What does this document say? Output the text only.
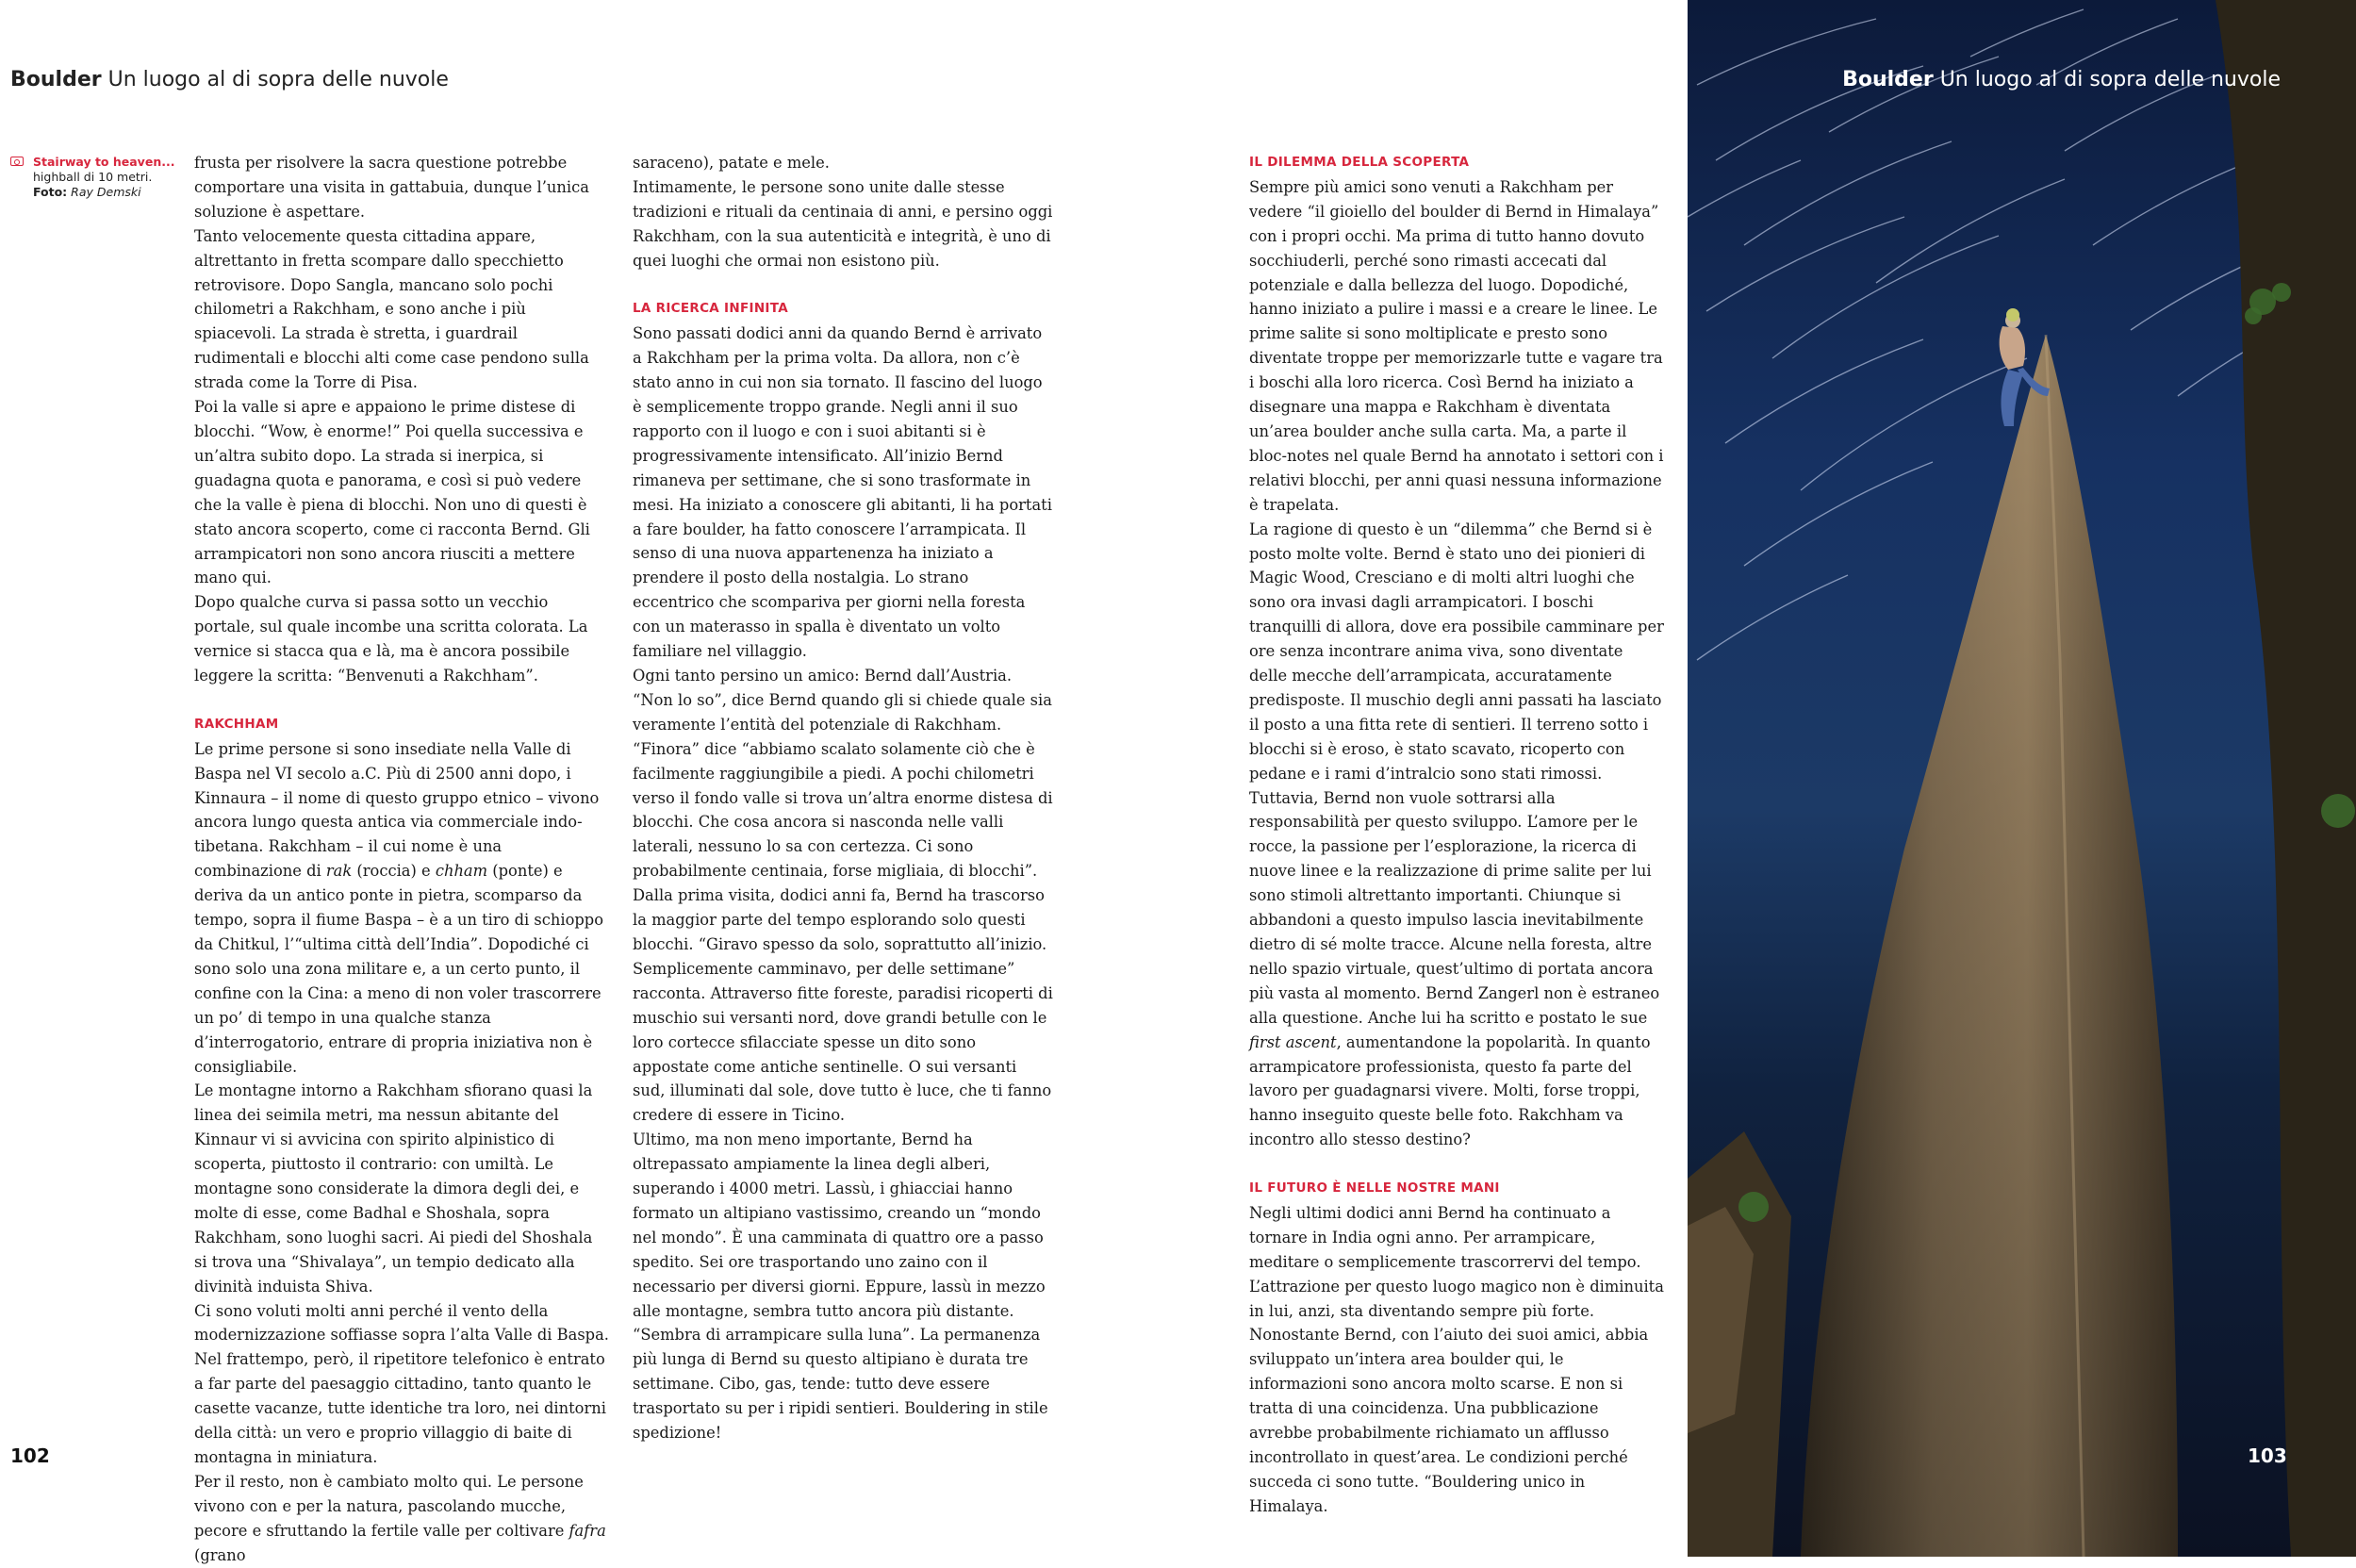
Boulder Un luogo al di sopra delle nuvole
Stairway to heaven...
highball di 10 metri.
Foto: Ray Demski

frusta per risolvere la sacra questione potrebbe comportare una visita in gattabuia, dunque l’unica soluzione è aspettare.

Tanto velocemente questa cittadina appare, altrettanto in fretta scompare dallo specchietto retrovisore. Dopo Sangla, mancano solo pochi chilometri a Rakchham, e sono anche i più spiacevoli. La strada è stretta, i guardrail rudimentali e blocchi alti come case pendono sulla strada come la Torre di Pisa.

Poi la valle si apre e appaiono le prime distese di blocchi. “Wow, è enorme!” Poi quella successiva e un’altra subito dopo. La strada si inerpica, si guadagna quota e panorama, e così si può vedere che la valle è piena di blocchi. Non uno di questi è stato ancora scoperto, come ci racconta Bernd. Gli arrampicatori non sono ancora riusciti a mettere mano qui.

Dopo qualche curva si passa sotto un vecchio portale, sul quale incombe una scritta colorata. La vernice si stacca qua e là, ma è ancora possibile leggere la scritta: “Benvenuti a Rakchham”.

RAKCHHAM

Le prime persone si sono insediate nella Valle di Baspa nel VI secolo a.C. Più di 2500 anni dopo, i Kinnaura – il nome di questo gruppo etnico – vivono ancora lungo questa antica via commerciale indo-tibetana. Rakchham – il cui nome è una combinazione di rak (roccia) e chham (ponte) e deriva da un antico ponte in pietra, scomparso da tempo, sopra il fiume Baspa – è a un tiro di schioppo da Chitkul, l’“ultima città dell’India”. Dopodiché ci sono solo una zona militare e, a un certo punto, il confine con la Cina: a meno di non voler trascorrere un po’ di tempo in una qualche stanza d’interrogatorio, entrare di propria iniziativa non è consigliabile.

Le montagne intorno a Rakchham sfiorano quasi la linea dei seimila metri, ma nessun abitante del Kinnaur vi si avvicina con spirito alpinistico di scoperta, piuttosto il contrario: con umiltà. Le montagne sono considerate la dimora degli dei, e molte di esse, come Badhal e Shoshala, sopra Rakchham, sono luoghi sacri. Ai piedi del Shoshala si trova una “Shivalaya”, un tempio dedicato alla divinità induista Shiva.

Ci sono voluti molti anni perché il vento della modernizzazione soffiasse sopra l’alta Valle di Baspa. Nel frattempo, però, il ripetitore telefonico è entrato a far parte del paesaggio cittadino, tanto quanto le casette vacanze, tutte identiche tra loro, nei dintorni della città: un vero e proprio villaggio di baite di montagna in miniatura.

Per il resto, non è cambiato molto qui. Le persone vivono con e per la natura, pascolando mucche, pecore e sfruttando la fertile valle per coltivare fafra (grano

saraceno), patate e mele.

Intimamente, le persone sono unite dalle stesse tradizioni e rituali da centinaia di anni, e persino oggi Rakchham, con la sua autenticità e integrità, è uno di quei luoghi che ormai non esistono più.

LA RICERCA INFINITA

Sono passati dodici anni da quando Bernd è arrivato a Rakchham per la prima volta. Da allora, non c’è stato anno in cui non sia tornato. Il fascino del luogo è semplicemente troppo grande. Negli anni il suo rapporto con il luogo e con i suoi abitanti si è progressivamente intensificato. All’inizio Bernd rimaneva per settimane, che si sono trasformate in mesi. Ha iniziato a conoscere gli abitanti, li ha portati a fare boulder, ha fatto conoscere l’arrampicata. Il senso di una nuova appartenenza ha iniziato a prendere il posto della nostalgia. Lo strano eccentrico che scompariva per giorni nella foresta con un materasso in spalla è diventato un volto familiare nel villaggio.

Ogni tanto persino un amico: Bernd dall’Austria.

“Non lo so”, dice Bernd quando gli si chiede quale sia veramente l’entità del potenziale di Rakchham. “Finora” dice “abbiamo scalato solamente ciò che è facilmente raggiungibile a piedi. A pochi chilometri verso il fondo valle si trova un’altra enorme distesa di blocchi. Che cosa ancora si nasconda nelle valli laterali, nessuno lo sa con certezza. Ci sono probabilmente centinaia, forse migliaia, di blocchi”.

Dalla prima visita, dodici anni fa, Bernd ha trascorso la maggior parte del tempo esplorando solo questi blocchi. “Giravo spesso da solo, soprattutto all’inizio. Semplicemente camminavo, per delle settimane” racconta. Attraverso fitte foreste, paradisi ricoperti di muschio sui versanti nord, dove grandi betulle con le loro cortecce sfilacciate spesse un dito sono appostate come antiche sentinelle. O sui versanti sud, illuminati dal sole, dove tutto è luce, che ti fanno credere di essere in Ticino.

Ultimo, ma non meno importante, Bernd ha oltrepassato ampiamente la linea degli alberi, superando i 4000 metri. Lassù, i ghiacciai hanno formato un altipiano vastissimo, creando un “mondo nel mondo”. È una camminata di quattro ore a passo spedito. Sei ore trasportando uno zaino con il necessario per diversi giorni. Eppure, lassù in mezzo alle montagne, sembra tutto ancora più distante. “Sembra di arrampicare sulla luna”. La permanenza più lunga di Bernd su questo altipiano è durata tre settimane. Cibo, gas, tende: tutto deve essere trasportato su per i ripidi sentieri. Bouldering in stile spedizione!

IL DILEMMA DELLA SCOPERTA

Sempre più amici sono venuti a Rakchham per vedere “il gioiello del boulder di Bernd in Himalaya” con i propri occhi. Ma prima di tutto hanno dovuto socchiuderli, perché sono rimasti accecati dal potenziale e dalla bellezza del luogo. Dopodiché, hanno iniziato a pulire i massi e a creare le linee. Le prime salite si sono moltiplicate e presto sono diventate troppe per memorizzarle tutte e vagare tra i boschi alla loro ricerca. Così Bernd ha iniziato a disegnare una mappa e Rakchham è diventata un’area boulder anche sulla carta. Ma, a parte il bloc-notes nel quale Bernd ha annotato i settori con i relativi blocchi, per anni quasi nessuna informazione è trapelata.

La ragione di questo è un “dilemma” che Bernd si è posto molte volte. Bernd è stato uno dei pionieri di Magic Wood, Cresciano e di molti altri luoghi che sono ora invasi dagli arrampicatori. I boschi tranquilli di allora, dove era possibile camminare per ore senza incontrare anima viva, sono diventate delle mecche dell’arrampicata, accuratamente predisposte. Il muschio degli anni passati ha lasciato il posto a una fitta rete di sentieri. Il terreno sotto i blocchi si è eroso, è stato scavato, ricoperto con pedane e i rami d’intralcio sono stati rimossi.

Tuttavia, Bernd non vuole sottrarsi alla responsabilità per questo sviluppo. L’amore per le rocce, la passione per l’esplorazione, la ricerca di nuove linee e la realizzazione di prime salite per lui sono stimoli altrettanto importanti. Chiunque si abbandoni a questo impulso lascia inevitabilmente dietro di sé molte tracce. Alcune nella foresta, altre nello spazio virtuale, quest’ultimo di portata ancora più vasta al momento. Bernd Zangerl non è estraneo alla questione. Anche lui ha scritto e postato le sue first ascent, aumentandone la popolarità. In quanto arrampicatore professionista, questo fa parte del lavoro per guadagnarsi vivere. Molti, forse troppi, hanno inseguito queste belle foto. Rakchham va incontro allo stesso destino?

IL FUTURO È NELLE NOSTRE MANI

Negli ultimi dodici anni Bernd ha continuato a tornare in India ogni anno. Per arrampicare, meditare o semplicemente trascorrervi del tempo. L’attrazione per questo luogo magico non è diminuita in lui, anzi, sta diventando sempre più forte. Nonostante Bernd, con l’aiuto dei suoi amici, abbia sviluppato un’intera area boulder qui, le informazioni sono ancora molto scarse. E non si tratta di una coincidenza. Una pubblicazione avrebbe probabilmente richiamato un afflusso incontrollato in quest’area. Le condizioni perché succeda ci sono tutte. “Bouldering unico in Himalaya.

102
Boulder Un luogo al di sopra delle nuvole
103
